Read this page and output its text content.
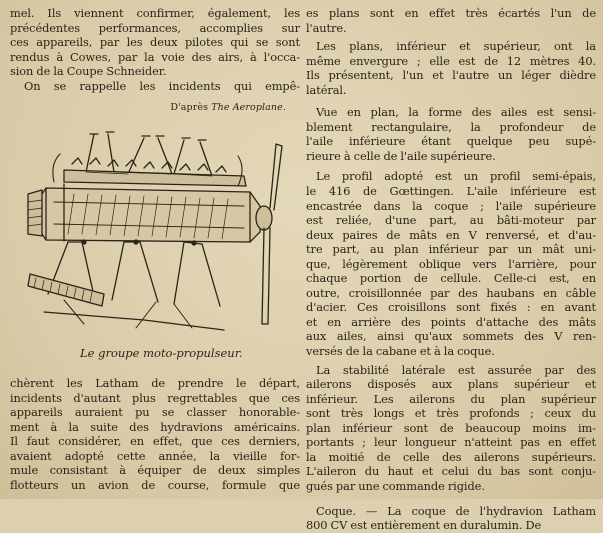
mel. Ils viennent confirmer, également, les
précédentes performances, accomplies sur
ces appareils, par les deux pilotes qui se sont
rendus à Cowes, par la voie des airs, à l'occa-
sion de la Coupe Schneider.
On se rappelle les incidents qui empê-
D'après The Aeroplane.
Le groupe moto-propulseur.
chèrent les Latham de prendre le départ,
incidents d'autant plus regrettables que ces
appareils auraient pu se classer honorable-
ment à la suite des hydravions américains.
Il faut considérer, en effet, que ces derniers,
avaient adopté cette année, la vieille for-
mule consistant à équiper de deux simples
flotteurs un avion de course, formule que
es plans sont en effet très écartés l'un de
l'autre.
Les plans, inférieur et supérieur, ont la
même envergure ; elle est de 12 mètres 40.
Ils présentent, l'un et l'autre un léger dièdre
latéral.
Vue en plan, la forme des ailes est sensi-
blement rectangulaire, la profondeur de
l'aile inférieure étant quelque peu supé-
rieure à celle de l'aile supérieure.
Le profil adopté est un profil semi-épais,
le 416 de Gœttingen. L'aile inférieure est
encastrée dans la coque ; l'aile supérieure
est reliée, d'une part, au bâti-moteur par
deux paires de mâts en V renversé, et d'au-
tre part, au plan inférieur par un mât uni-
que, légèrement oblique vers l'arrière, pour
chaque portion de cellule. Celle-ci est, en
outre, croisillonnée par des haubans en câble
d'acier. Ces croisillons sont fixés : en avant
et en arrière des points d'attache des mâts
aux ailes, ainsi qu'aux sommets des V ren-
versés de la cabane et à la coque.
La stabilité latérale est assurée par des
ailerons disposés aux plans supérieur et
inférieur. Les ailerons du plan supérieur
sont très longs et très profonds ; ceux du
plan inférieur sont de beaucoup moins im-
portants ; leur longueur n'atteint pas en effet
la moitié de celle des ailerons supérieurs.
L'aileron du haut et celui du bas sont conju-
gués par une commande rigide.
Coque. — La coque de l'hydravion Latham
800 CV est entièrement en duralumin. De
